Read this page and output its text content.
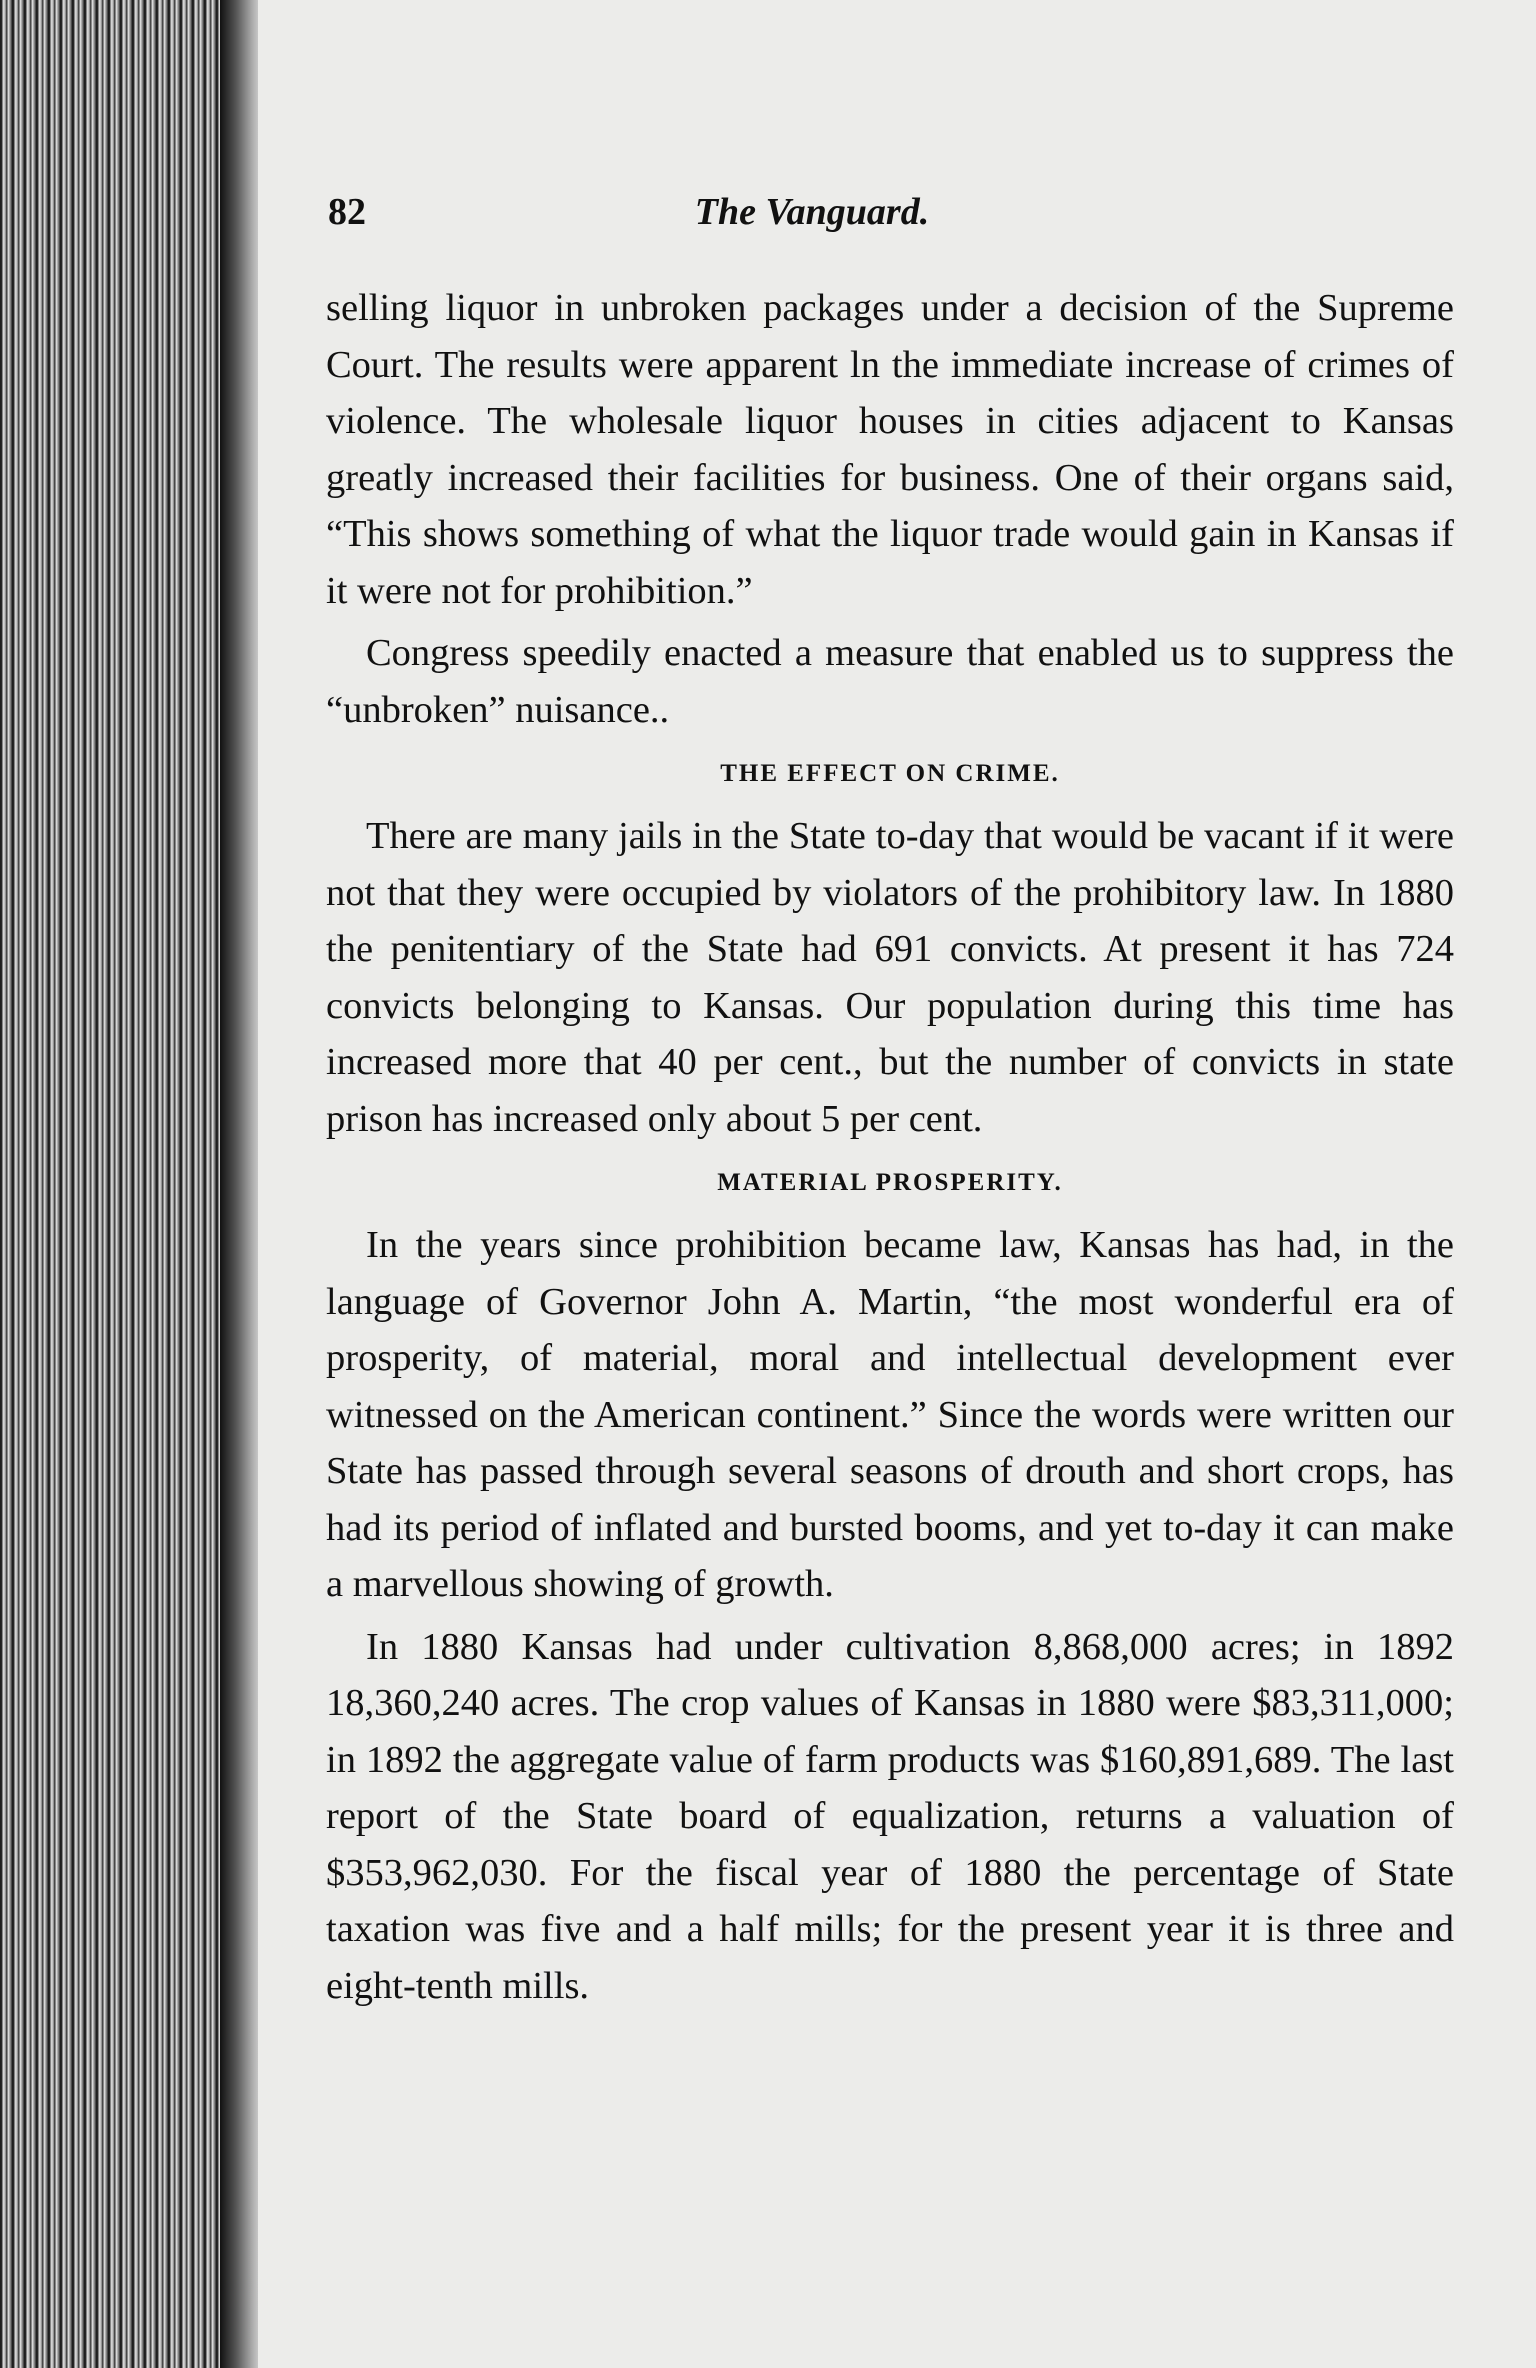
82	The Vanguard.

selling liquor in unbroken packages under a decision of the Supreme Court. The results were apparent ln the immediate increase of crimes of violence. The wholesale liquor houses in cities adjacent to Kansas greatly increased their facilities for business. One of their organs said, “This shows something of what the liquor trade would gain in Kansas if it were not for prohibition.”

Congress speedily enacted a measure that enabled us to suppress the “unbroken” nuisance..

THE EFFECT ON CRIME.

There are many jails in the State to-day that would be vacant if it were not that they were occupied by violators of the prohibitory law. In 1880 the penitentiary of the State had 691 convicts. At present it has 724 convicts belonging to Kansas. Our population during this time has increased more that 40 per cent., but the number of convicts in state prison has increased only about 5 per cent.

MATERIAL PROSPERITY.

In the years since prohibition became law, Kansas has had, in the language of Governor John A. Martin, “the most wonderful era of prosperity, of material, moral and intellectual development ever witnessed on the American continent.” Since the words were written our State has passed through several seasons of drouth and short crops, has had its period of inflated and bursted booms, and yet to-day it can make a marvellous showing of growth.

In 1880 Kansas had under cultivation 8,868,000 acres; in 1892 18,360,240 acres. The crop values of Kansas in 1880 were $83,311,000; in 1892 the aggregate value of farm products was $160,891,689. The last report of the State board of equalization, returns a valuation of $353,962,030. For the fiscal year of 1880 the percentage of State taxation was five and a half mills; for the present year it is three and eight-tenth mills.
